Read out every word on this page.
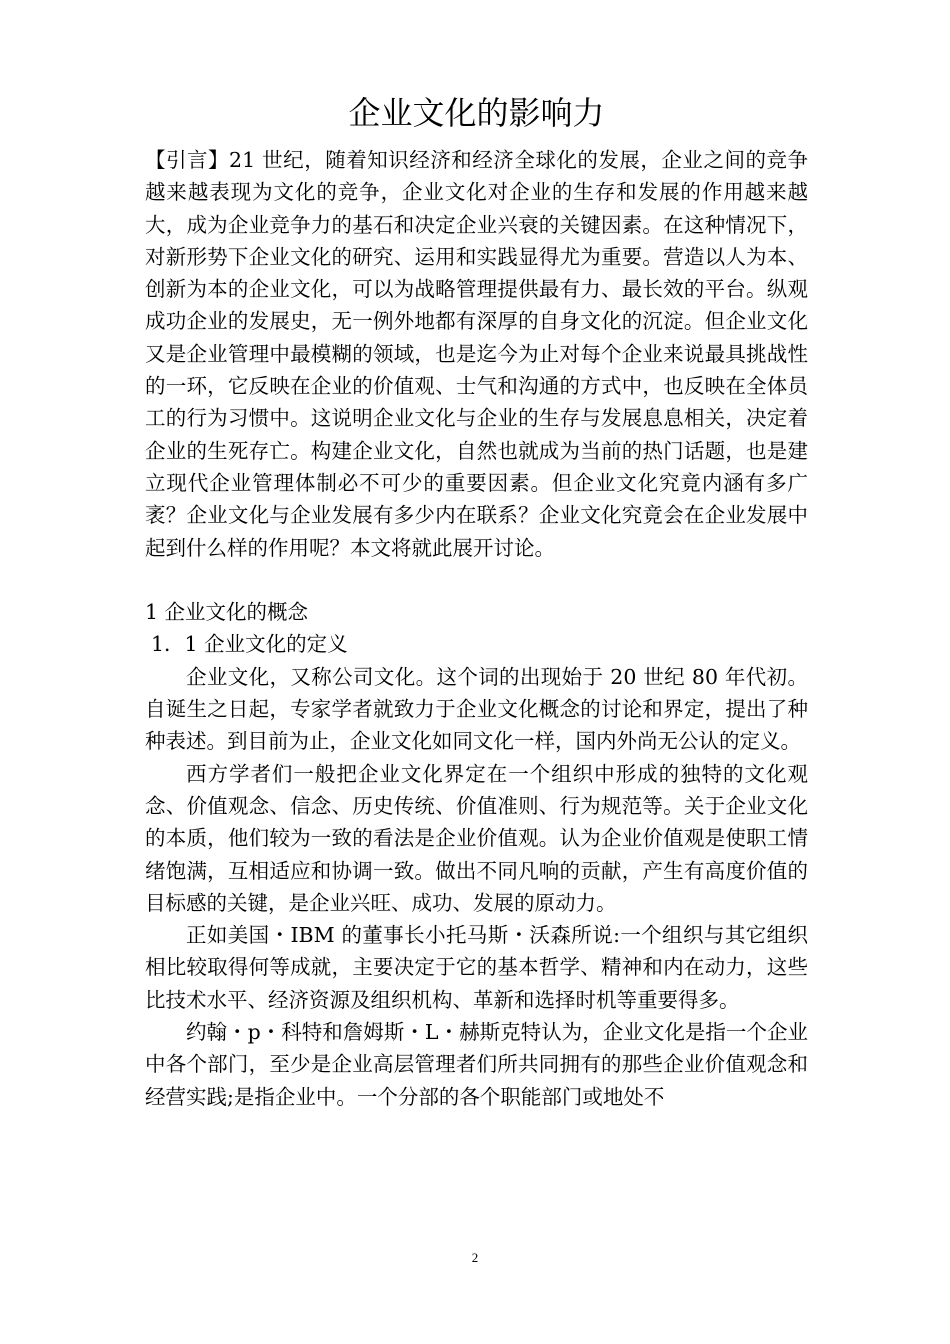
企业文化的影响力

【引言】21 世纪，随着知识经济和经济全球化的发展，企业之间的竞争越来越表现为文化的竞争，企业文化对企业的生存和发展的作用越来越大，成为企业竞争力的基石和决定企业兴衰的关键因素。在这种情况下，对新形势下企业文化的研究、运用和实践显得尤为重要。营造以人为本、创新为本的企业文化，可以为战略管理提供最有力、最长效的平台。纵观成功企业的发展史，无一例外地都有深厚的自身文化的沉淀。但企业文化又是企业管理中最模糊的领域，也是迄今为止对每个企业来说最具挑战性的一环，它反映在企业的价值观、士气和沟通的方式中，也反映在全体员工的行为习惯中。这说明企业文化与企业的生存与发展息息相关，决定着企业的生死存亡。构建企业文化，自然也就成为当前的热门话题，也是建立现代企业管理体制必不可少的重要因素。但企业文化究竟内涵有多广袤？企业文化与企业发展有多少内在联系？企业文化究竟会在企业发展中起到什么样的作用呢？本文将就此展开讨论。

1 企业文化的概念

1．1 企业文化的定义

企业文化，又称公司文化。这个词的出现始于 20 世纪 80 年代初。自诞生之日起，专家学者就致力于企业文化概念的讨论和界定，提出了种种表述。到目前为止，企业文化如同文化一样，国内外尚无公认的定义。

西方学者们一般把企业文化界定在一个组织中形成的独特的文化观念、价值观念、信念、历史传统、价值准则、行为规范等。关于企业文化的本质，他们较为一致的看法是企业价值观。认为企业价值观是使职工情绪饱满，互相适应和协调一致。做出不同凡响的贡献，产生有高度价值的目标感的关键，是企业兴旺、成功、发展的原动力。

正如美国・IBM 的董事长小托马斯・沃森所说:一个组织与其它组织相比较取得何等成就，主要决定于它的基本哲学、精神和内在动力，这些比技术水平、经济资源及组织机构、革新和选择时机等重要得多。

约翰・p・科特和詹姆斯・L・赫斯克特认为，企业文化是指一个企业中各个部门，至少是企业高层管理者们所共同拥有的那些企业价值观念和经营实践;是指企业中。一个分部的各个职能部门或地处不

2
